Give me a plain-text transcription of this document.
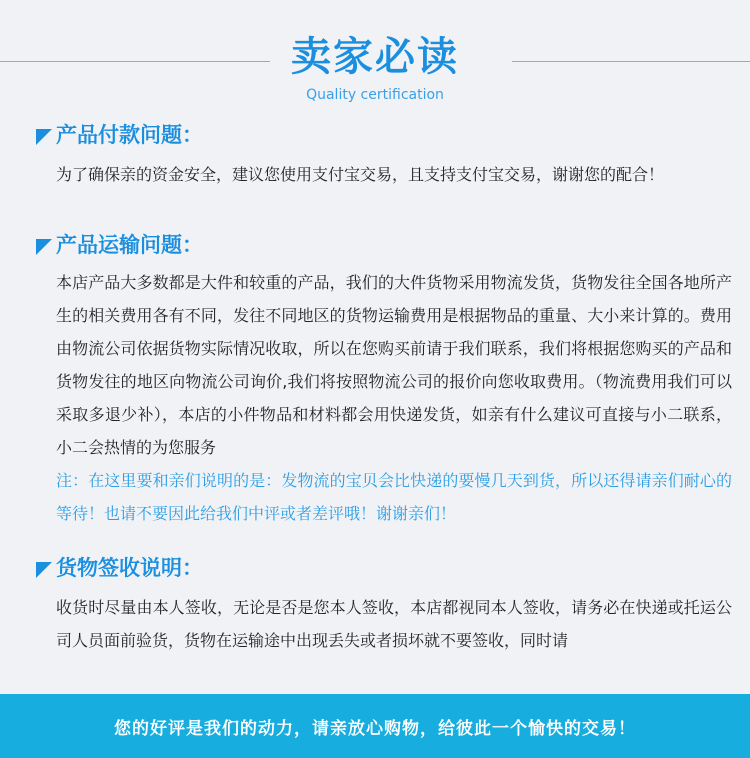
卖家必读
Quality certification
产品付款问题：

为了确保亲的资金安全，建议您使用支付宝交易，且支持支付宝交易，谢谢您的配合！

产品运输问题：

本店产品大多数都是大件和较重的产品，我们的大件货物采用物流发货，货物发往全国各地所产生的相关费用各有不同，发往不同地区的货物运输费用是根据物品的重量、大小来计算的。费用由物流公司依据货物实际情况收取，所以在您购买前请于我们联系，我们将根据您购买的产品和货物发往的地区向物流公司询价,我们将按照物流公司的报价向您收取费用。（物流费用我们可以采取多退少补），本店的小件物品和材料都会用快递发货，如亲有什么建议可直接与小二联系，小二会热情的为您服务

注：在这里要和亲们说明的是：发物流的宝贝会比快递的要慢几天到货，所以还得请亲们耐心的等待！也请不要因此给我们中评或者差评哦！谢谢亲们！

货物签收说明：

收货时尽量由本人签收，无论是否是您本人签收，本店都视同本人签收，请务必在快递或托运公司人员面前验货，货物在运输途中出现丢失或者损坏就不要签收，同时请

您的好评是我们的动力，请亲放心购物，给彼此一个愉快的交易！
